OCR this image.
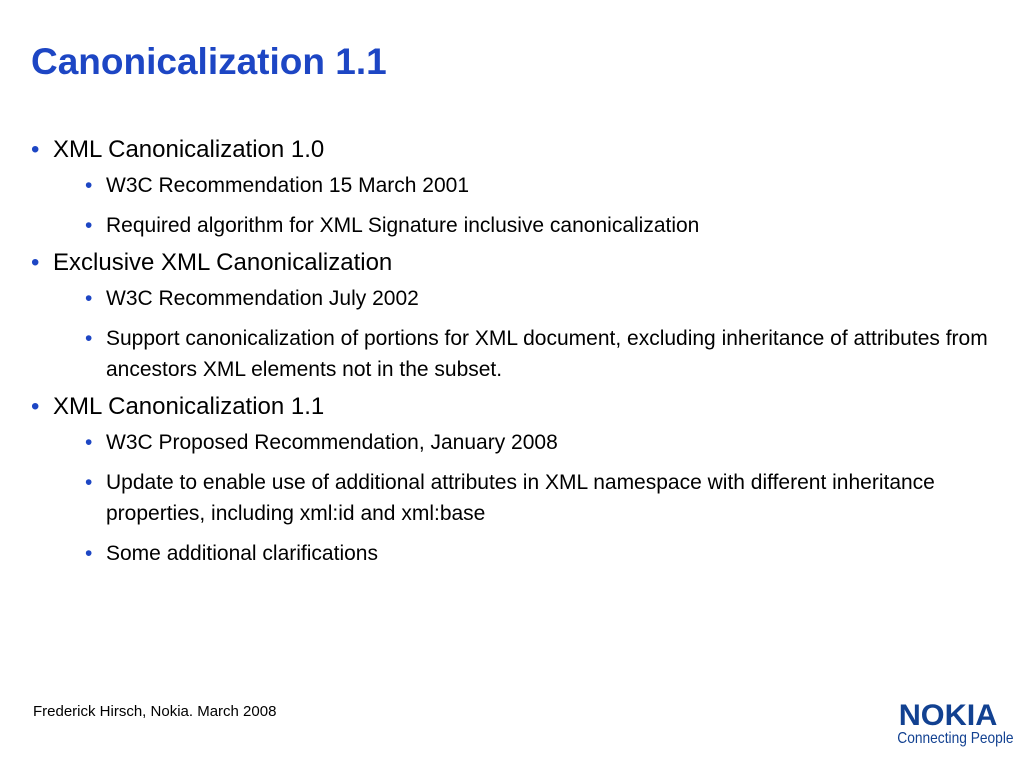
Canonicalization 1.1
• XML Canonicalization 1.0
• W3C Recommendation 15 March 2001
• Required algorithm for XML Signature inclusive canonicalization
• Exclusive XML Canonicalization
• W3C Recommendation July 2002
• Support canonicalization of portions for XML document, excluding inheritance of attributes from ancestors XML elements not in the subset.
• XML Canonicalization 1.1
• W3C Proposed Recommendation, January 2008
• Update to enable use of additional attributes in XML namespace with different inheritance properties, including xml:id and xml:base
• Some additional clarifications
Frederick Hirsch, Nokia. March 2008	NOKIA
Connecting People
